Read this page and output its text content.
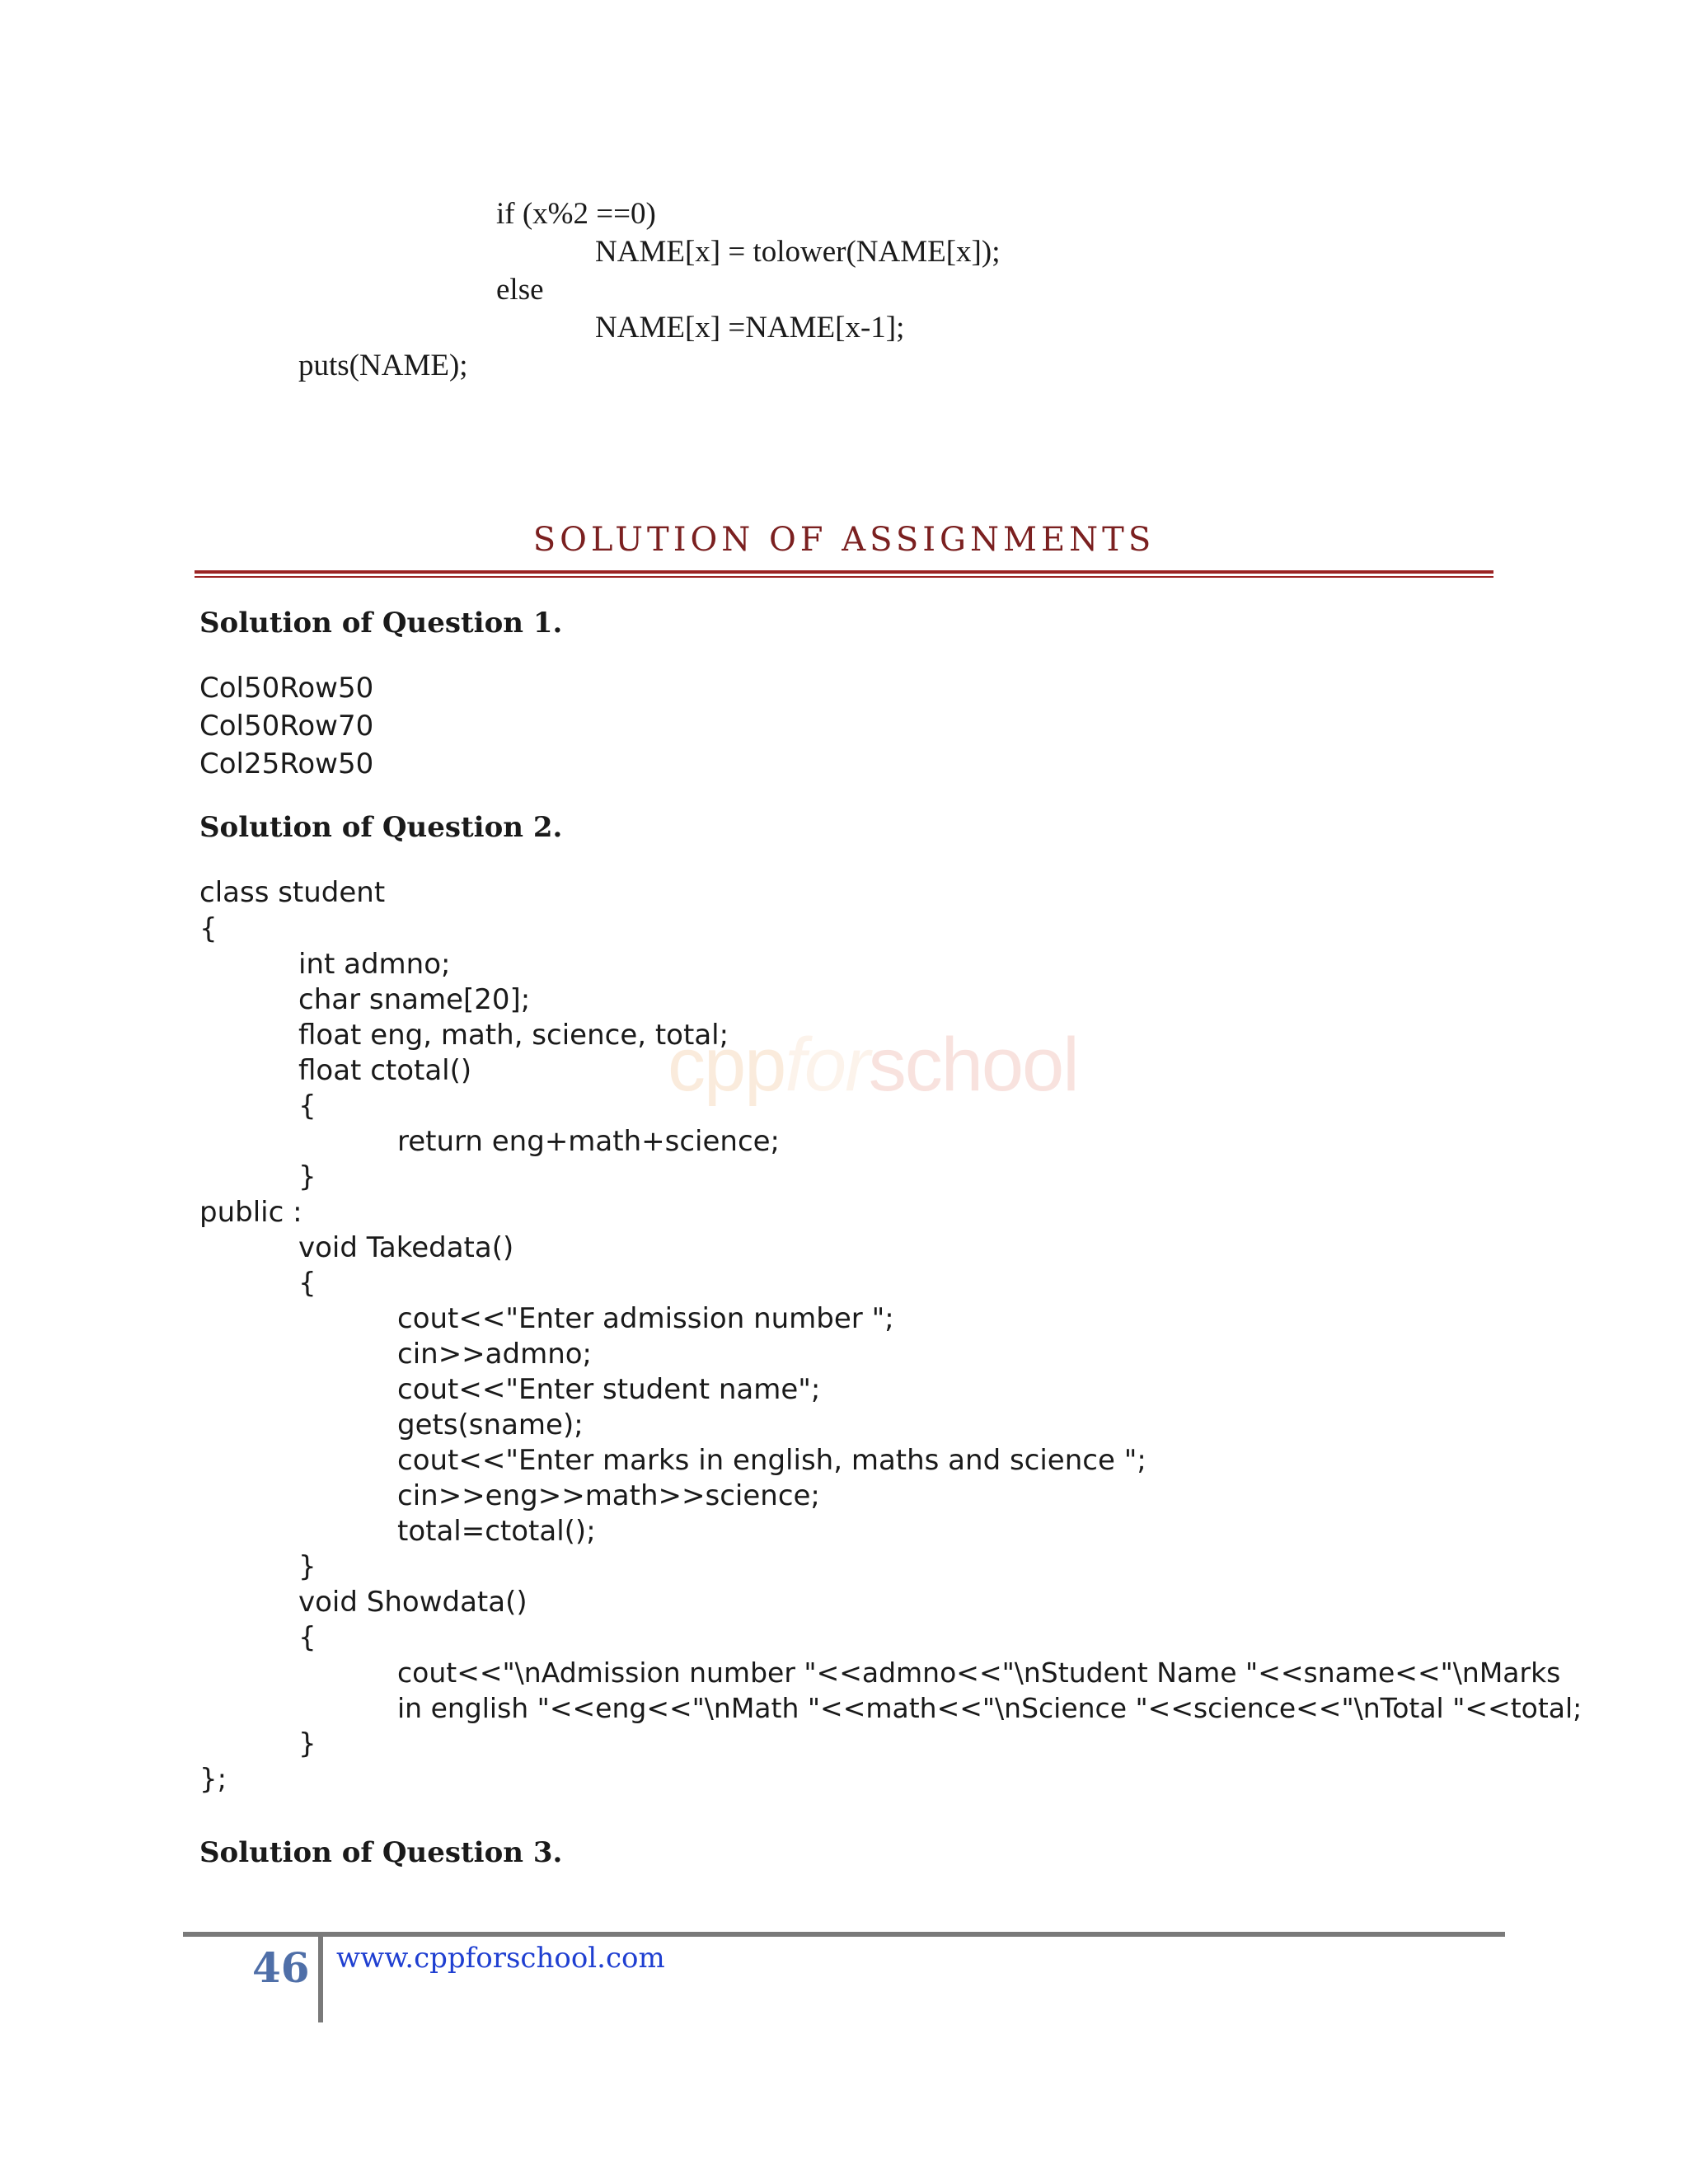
if (x%2 ==0)
NAME[x] = tolower(NAME[x]);
else
NAME[x] =NAME[x-1];
puts(NAME);
SOLUTION OF ASSIGNMENTS
Solution of Question 1.
Col50Row50
Col50Row70
Col25Row50
Solution of Question 2.
class student
{
int admno;
char sname[20];
float eng, math, science, total;
float ctotal()
{
return eng+math+science;
}
public :
void Takedata()
{
cout<<"Enter admission number ";
cin>>admno;
cout<<"Enter student name";
gets(sname);
cout<<"Enter marks in english, maths and science ";
cin>>eng>>math>>science;
total=ctotal();
}
void Showdata()
{
cout<<"\nAdmission number "<<admno<<"\nStudent Name "<<sname<<"\nMarks
in english "<<eng<<"\nMath "<<math<<"\nScience "<<science<<"\nTotal "<<total;
}
};
Solution of Question 3.
cppforschool
46 www.cppforschool.com
